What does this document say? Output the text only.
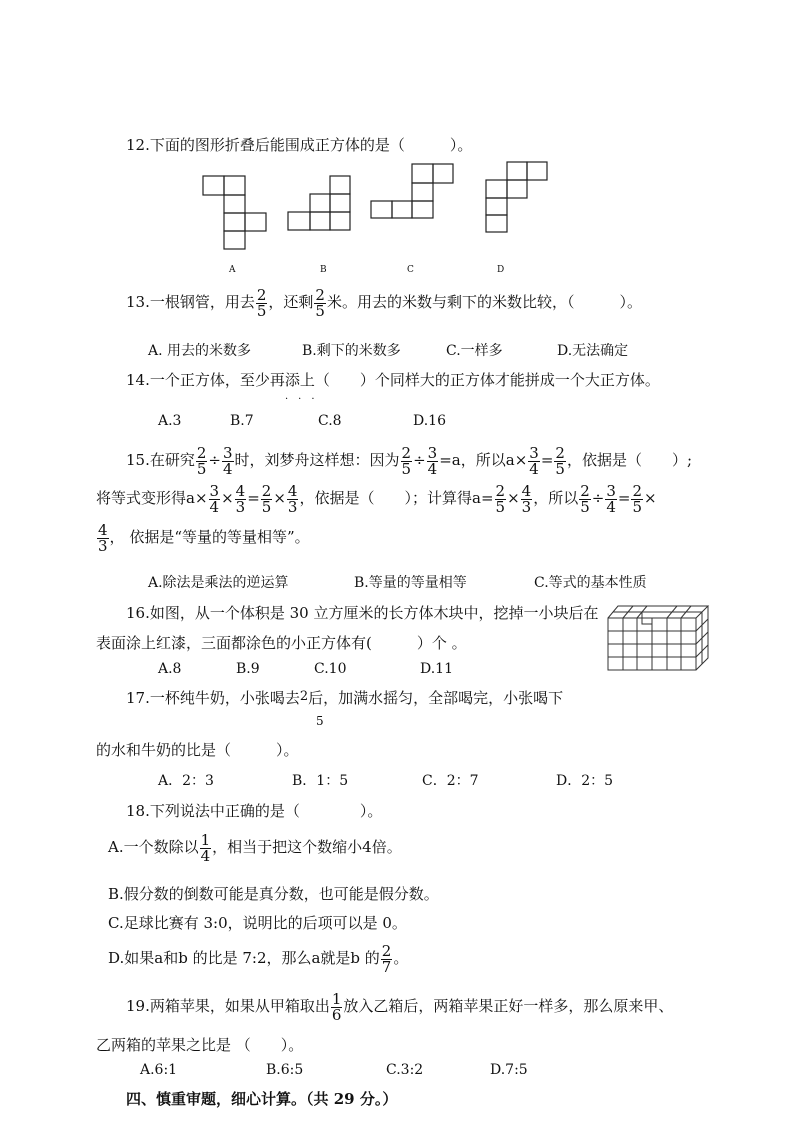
12.下面的图形折叠后能围成正方体的是（　　　）。
A	B	C	D
13.一根钢管，用去 $\frac{2}{5}$ ，还剩 $\frac{2}{5}$ 米。用去的米数与剩下的米数比较，（　　　）。
A. 用去的米数多	B.剩下的米数多	C.一样多	D.无法确定
14.一个正方体，至少再添上（　　）个同样大的正方体才能拼成一个大正方体。
·　·　·
A.3	B.7	C.8	D.16
15.在研究 $\frac{2}{5} \div \frac{3}{4}$ 时，刘梦舟这样想：因为 $\frac{2}{5} \div \frac{3}{4} =a$，所以$a\times \frac{3}{4} = \frac{2}{5}$ ，依据是（　　）;
将等式变形得$a\times \frac{3}{4} \times \frac{4}{3} = \frac{2}{5} \times \frac{4}{3}$ ，依据是（　　）；计算得$a= \frac{2}{5} \times \frac{4}{3}$ ，所以 $\frac{2}{5} \div \frac{3}{4} = \frac{2}{5}$ ×
$\frac{4}{3}$ ， 依据是“等量的等量相等”。
A.除法是乘法的逆运算	B.等量的等量相等	C.等式的基本性质
16.如图，从一个体积是 30 立方厘米的长方体木块中，挖掉一小块后在
表面涂上红漆，三面都涂色的小正方体有(　　　）个 。
A.8	B.9	C.10	D.11
17.一杯纯牛奶，小张喝去2后，加满水摇匀，全部喝完，小张喝下
5
的水和牛奶的比是（　　　）。
A．2：3	B．1：5	C．2：7	D．2：5
18.下列说法中正确的是（　　　　）。
A.一个数除以 $\frac{1}{4}$ ，相当于把这个数缩小4倍。
B.假分数的倒数可能是真分数，也可能是假分数。
C.足球比赛有 3:0，说明比的后项可以是 0。
D.如果a和b 的比是 7:2，那么a就是b 的 $\frac{2}{7}$ 。
19.两箱苹果，如果从甲箱取出 $\frac{1}{6}$ 放入乙箱后，两箱苹果正好一样多，那么原来甲、
乙两箱的苹果之比是 （　　）。
A.6:1	B.6:5	C.3:2	D.7:5
四、慎重审题，细心计算。（共 29 分。）
